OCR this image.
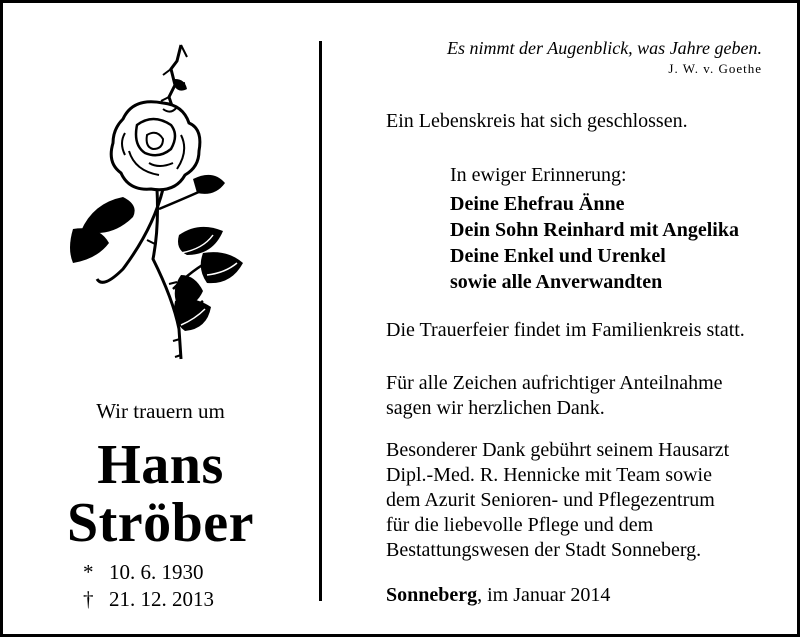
Wir trauern um
Hans
Ströber
* 10. 6. 1930
† 21. 12. 2013
Es nimmt der Augenblick, was Jahre geben.
J. W. v. Goethe
Ein Lebenskreis hat sich geschlossen.
In ewiger Erinnerung:
Deine Ehefrau Änne
Dein Sohn Reinhard mit Angelika
Deine Enkel und Urenkel
sowie alle Anverwandten
Die Trauerfeier findet im Familienkreis statt.
Für alle Zeichen aufrichtiger Anteilnahme
sagen wir herzlichen Dank.
Besonderer Dank gebührt seinem Hausarzt
Dipl.-Med. R. Hennicke mit Team sowie
dem Azurit Senioren- und Pflegezentrum
für die liebevolle Pflege und dem
Bestattungswesen der Stadt Sonneberg.
Sonneberg, im Januar 2014
